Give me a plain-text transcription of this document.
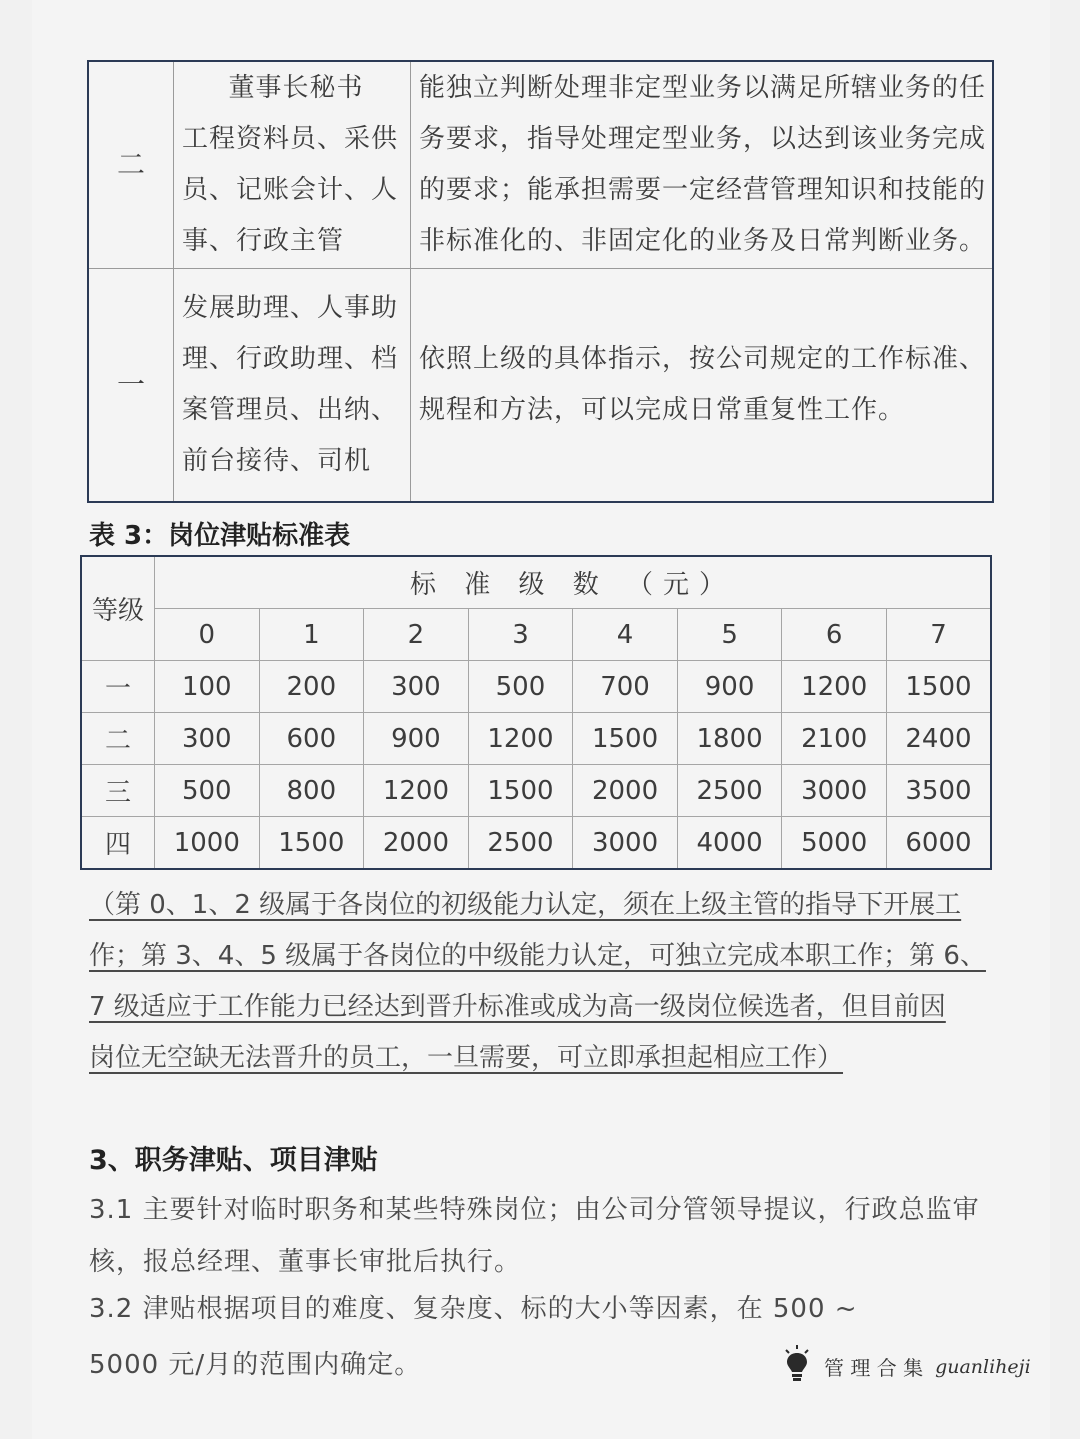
二	董事长秘书
工程资料员、采供
员、记账会计、人
事、行政主管	能独立判断处理非定型业务以满足所辖业务的任
务要求，指导处理定型业务，以达到该业务完成
的要求；能承担需要一定经营管理知识和技能的
非标准化的、非固定化的业务及日常判断业务。

一	发展助理、人事助
理、行政助理、档
案管理员、出纳、
前台接待、司机	依照上级的具体指示，按公司规定的工作标准、
规程和方法，可以完成日常重复性工作。
表 3：岗位津贴标准表
等级	标 准 级 数 （元）							
	0	1	2	3	4	5	6	7
一	100	200	300	500	700	900	1200	1500
二	300	600	900	1200	1500	1800	2100	2400
三	500	800	1200	1500	2000	2500	3000	3500
四	1000	1500	2000	2500	3000	4000	5000	6000
（第 0、1、2 级属于各岗位的初级能力认定，须在上级主管的指导下开展工
作；第 3、4、5 级属于各岗位的中级能力认定，可独立完成本职工作；第 6、
7 级适应于工作能力已经达到晋升标准或成为高一级岗位候选者，但目前因
岗位无空缺无法晋升的员工，一旦需要，可立即承担起相应工作）
3、职务津贴、项目津贴
3.1 主要针对临时职务和某些特殊岗位；由公司分管领导提议，行政总监审
核，报总经理、董事长审批后执行。
3.2 津贴根据项目的难度、复杂度、标的大小等因素，在 500 ~
5000 元/月的范围内确定。	管 理 合 集 guanliheji
